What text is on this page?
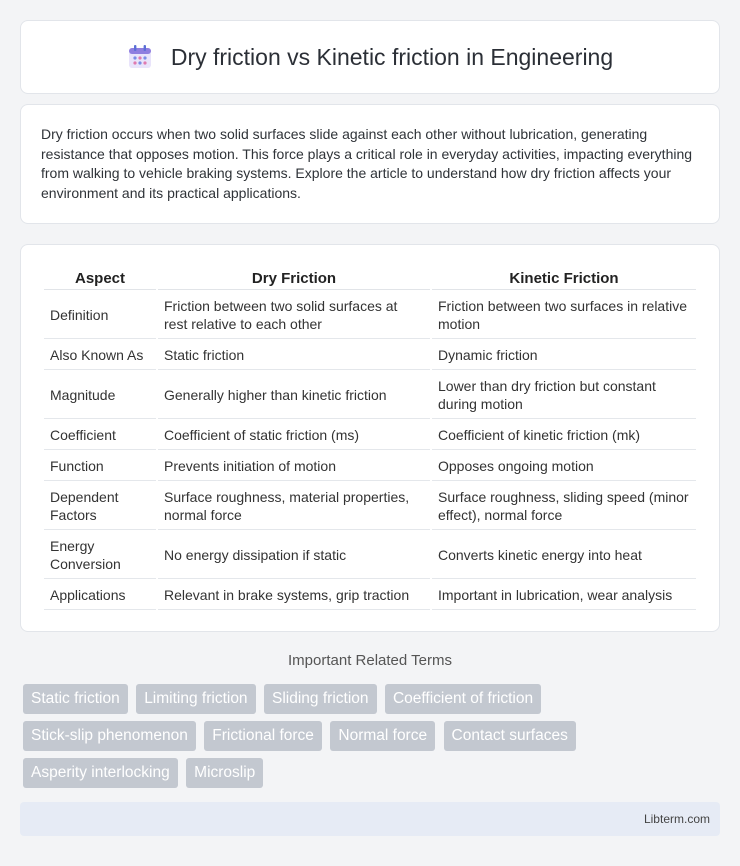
Dry friction vs Kinetic friction in Engineering

Dry friction occurs when two solid surfaces slide against each other without lubrication, generating resistance that opposes motion. This force plays a critical role in everyday activities, impacting everything from walking to vehicle braking systems. Explore the article to understand how dry friction affects your environment and its practical applications.

Aspect	Dry Friction	Kinetic Friction
Definition	Friction between two solid surfaces at rest relative to each other	Friction between two surfaces in relative motion
Also Known As	Static friction	Dynamic friction
Magnitude	Generally higher than kinetic friction	Lower than dry friction but constant during motion
Coefficient	Coefficient of static friction (ms)	Coefficient of kinetic friction (mk)
Function	Prevents initiation of motion	Opposes ongoing motion
Dependent Factors	Surface roughness, material properties, normal force	Surface roughness, sliding speed (minor effect), normal force
Energy Conversion	No energy dissipation if static	Converts kinetic energy into heat
Applications	Relevant in brake systems, grip traction	Important in lubrication, wear analysis
Important Related Terms
Static friction Limiting friction Sliding friction Coefficient of friction
Stick-slip phenomenon Frictional force Normal force Contact surfaces
Asperity interlocking Microslip
Libterm.com
